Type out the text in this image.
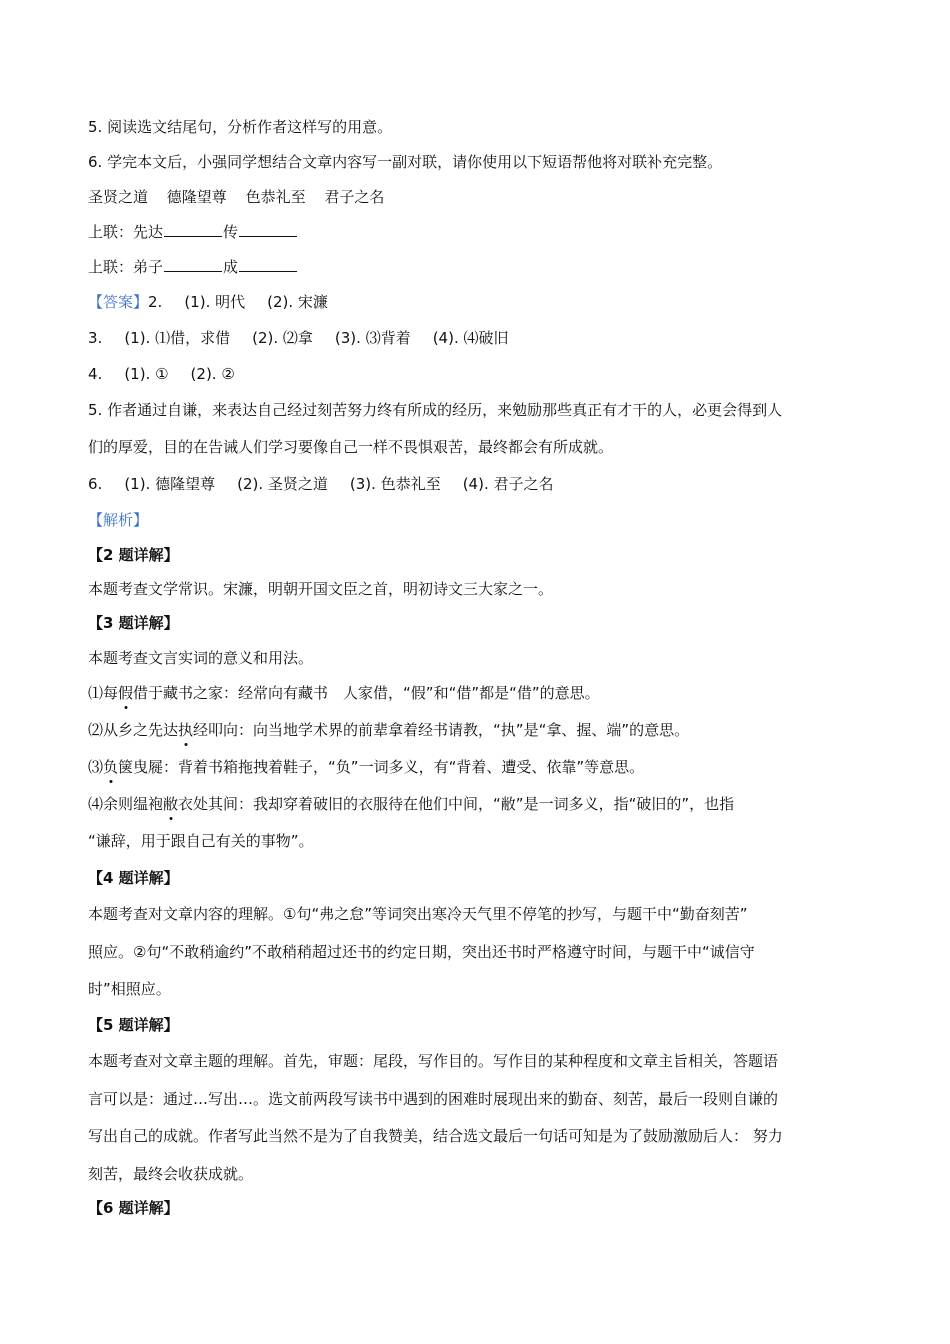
5. 阅读选文结尾句，分析作者这样写的用意。
6. 学完本文后，小强同学想结合文章内容写一副对联，请你使用以下短语帮他将对联补充完整。
圣贤之道 德隆望尊 色恭礼至 君子之名
上联：先达	传
上联：弟子	成
【答案】2. (1). 明代 (2). 宋濂
3. (1). ⑴借，求借 (2). ⑵拿 (3). ⑶背着 (4). ⑷破旧
4. (1). ① (2). ②
5. 作者通过自谦，来表达自己经过刻苦努力终有所成的经历，来勉励那些真正有才干的人，必更会得到人
们的厚爱，目的在告诫人们学习要像自己一样不畏惧艰苦，最终都会有所成就。
6. (1). 德隆望尊 (2). 圣贤之道 (3). 色恭礼至 (4). 君子之名
【解析】
【2 题详解】
本题考查文学常识。宋濂，明朝开国文臣之首，明初诗文三大家之一。
【3 题详解】
本题考查文言实词的意义和用法。
⑴每假借于藏书之家：经常向有藏书　人家借，“假”和“借”都是“借”的意思。
⑵从乡之先达执经叩向：向当地学术界的前辈拿着经书请教，“执”是“拿、握、端”的意思。
⑶负箧曳屣：背着书箱拖拽着鞋子，“负”一词多义，有“背着、遭受、依靠”等意思。
⑷余则缊袍敝衣处其间：我却穿着破旧的衣服待在他们中间，“敝”是一词多义，指“破旧的”，也指
“谦辞，用于跟自己有关的事物”。
【4 题详解】
本题考查对文章内容的理解。①句“弗之怠”等词突出寒冷天气里不停笔的抄写，与题干中“勤奋刻苦”
照应。②句“不敢稍逾约”不敢稍稍超过还书的约定日期，突出还书时严格遵守时间，与题干中“诚信守
时”相照应。
【5 题详解】
本题考查对文章主题的理解。首先，审题：尾段，写作目的。写作目的某种程度和文章主旨相关，答题语
言可以是：通过…写出…。选文前两段写读书中遇到的困难时展现出来的勤奋、刻苦，最后一段则自谦的
写出自己的成就。作者写此当然不是为了自我赞美，结合选文最后一句话可知是为了鼓励激励后人： 努力
刻苦，最终会收获成就。
【6 题详解】
